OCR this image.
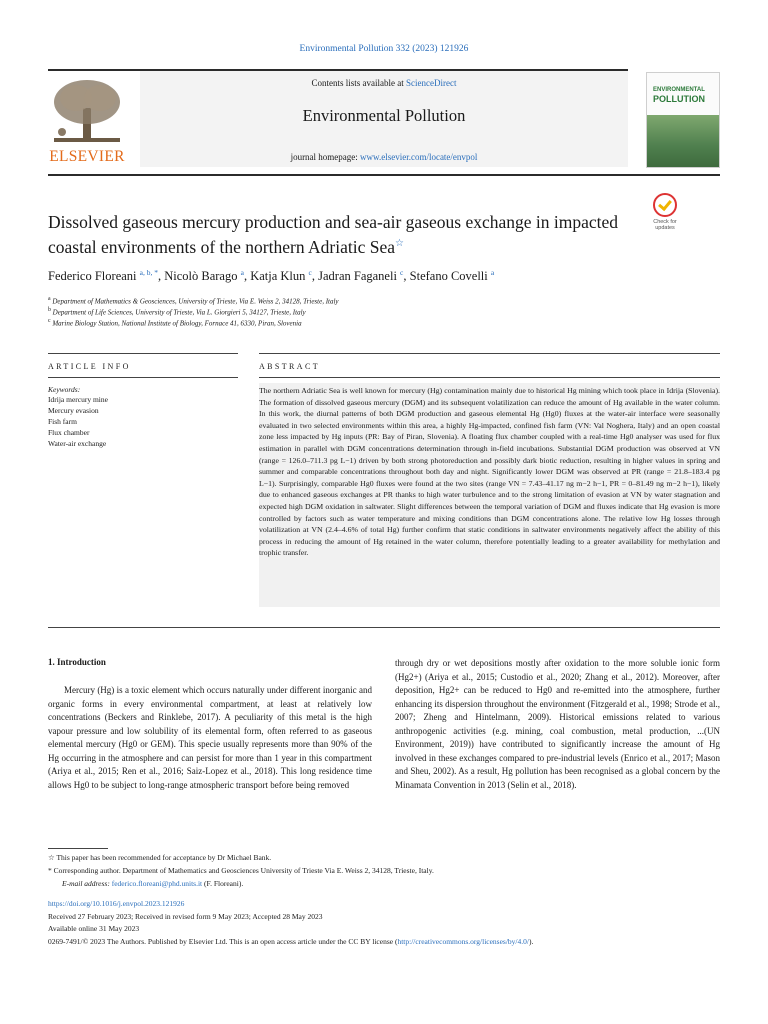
Environmental Pollution 332 (2023) 121926
ELSEVIER
Contents lists available at ScienceDirect
Environmental Pollution
journal homepage: www.elsevier.com/locate/envpol
ENVIRONMENTAL
POLLUTION
Check for updates
Dissolved gaseous mercury production and sea-air gaseous exchange in impacted coastal environments of the northern Adriatic Sea☆
Federico Floreani $^{a, b, *}$, Nicolò Barago $^a$, Katja Klun $^c$, Jadran Faganeli $^c$, Stefano Covelli $^a$
$^a$ Department of Mathematics & Geosciences, University of Trieste, Via E. Weiss 2, 34128, Trieste, Italy
$^b$ Department of Life Sciences, University of Trieste, Via L. Giorgieri 5, 34127, Trieste, Italy
$^c$ Marine Biology Station, National Institute of Biology, Fornace 41, 6330, Piran, Slovenia
ARTICLE INFO	ABSTRACT
Keywords:
Idrija mercury mine
Mercury evasion
Fish farm
Flux chamber
Water-air exchange
The northern Adriatic Sea is well known for mercury (Hg) contamination mainly due to historical Hg mining which took place in Idrija (Slovenia). The formation of dissolved gaseous mercury (DGM) and its subsequent volatilization can reduce the amount of Hg available in the water column. In this work, the diurnal patterns of both DGM production and gaseous elemental Hg (Hg0) fluxes at the water-air interface were seasonally evaluated in two selected environments within this area, a highly Hg-impacted, confined fish farm (VN: Val Noghera, Italy) and an open coastal zone less impacted by Hg inputs (PR: Bay of Piran, Slovenia). A floating flux chamber coupled with a real-time Hg0 analyser was used for flux estimation in parallel with DGM concentrations determination through in-field incubations. Substantial DGM production was observed at VN (range = 126.0–711.3 pg L−1) driven by both strong photoreduction and possibly dark biotic reduction, resulting in higher values in spring and summer and comparable concentrations throughout both day and night. Significantly lower DGM was observed at PR (range = 21.8–183.4 pg L−1). Surprisingly, comparable Hg0 fluxes were found at the two sites (range VN = 7.43–41.17 ng m−2 h−1, PR = 0–81.49 ng m−2 h−1), likely due to enhanced gaseous exchanges at PR thanks to high water turbulence and to the strong limitation of evasion at VN by water stagnation and expected high DGM oxidation in saltwater. Slight differences between the temporal variation of DGM and fluxes indicate that Hg evasion is more controlled by factors such as water temperature and mixing conditions than DGM concentrations alone. The relative low Hg losses through volatilization at VN (2.4–4.6% of total Hg) further confirm that static conditions in saltwater environments negatively affect the ability of this process in reducing the amount of Hg retained in the water column, therefore potentially leading to a greater availability for methylation and trophic transfer.
1. Introduction
Mercury (Hg) is a toxic element which occurs naturally under different inorganic and organic forms in every environmental compartment, at least at relatively low concentrations (Beckers and Rinklebe, 2017). A peculiarity of this metal is the high vapour pressure and low solubility of its elemental form, often referred to as gaseous elemental mercury (Hg0 or GEM). This specie usually represents more than 90% of the Hg occurring in the atmosphere and can persist for more than 1 year in this compartment (Ariya et al., 2015; Ren et al., 2016; Saiz-Lopez et al., 2018). This long residence time allows Hg0 to be subject to long-range atmospheric transport before being removed
through dry or wet depositions mostly after oxidation to the more soluble ionic form (Hg2+) (Ariya et al., 2015; Custodio et al., 2020; Zhang et al., 2012). Moreover, after deposition, Hg2+ can be reduced to Hg0 and re-emitted into the atmosphere, further enhancing its dispersion throughout the environment (Fitzgerald et al., 1998; Strode et al., 2007; Zheng and Hintelmann, 2009). Historical emissions related to various anthropogenic activities (e.g. mining, coal combustion, metal production, ...(UN Environment, 2019)) have contributed to significantly increase the amount of Hg involved in these exchanges compared to pre-industrial levels (Enrico et al., 2017; Mason and Sheu, 2002). As a result, Hg pollution has been recognised as a global concern by the Minamata Convention in 2013 (Selin et al., 2018).
☆ This paper has been recommended for acceptance by Dr Michael Bank.
* Corresponding author. Department of Mathematics and Geosciences University of Trieste Via E. Weiss 2, 34128, Trieste, Italy.
E-mail address: federico.floreani@phd.units.it (F. Floreani).
https://doi.org/10.1016/j.envpol.2023.121926
Received 27 February 2023; Received in revised form 9 May 2023; Accepted 28 May 2023
Available online 31 May 2023
0269-7491/© 2023 The Authors. Published by Elsevier Ltd. This is an open access article under the CC BY license (http://creativecommons.org/licenses/by/4.0/).
